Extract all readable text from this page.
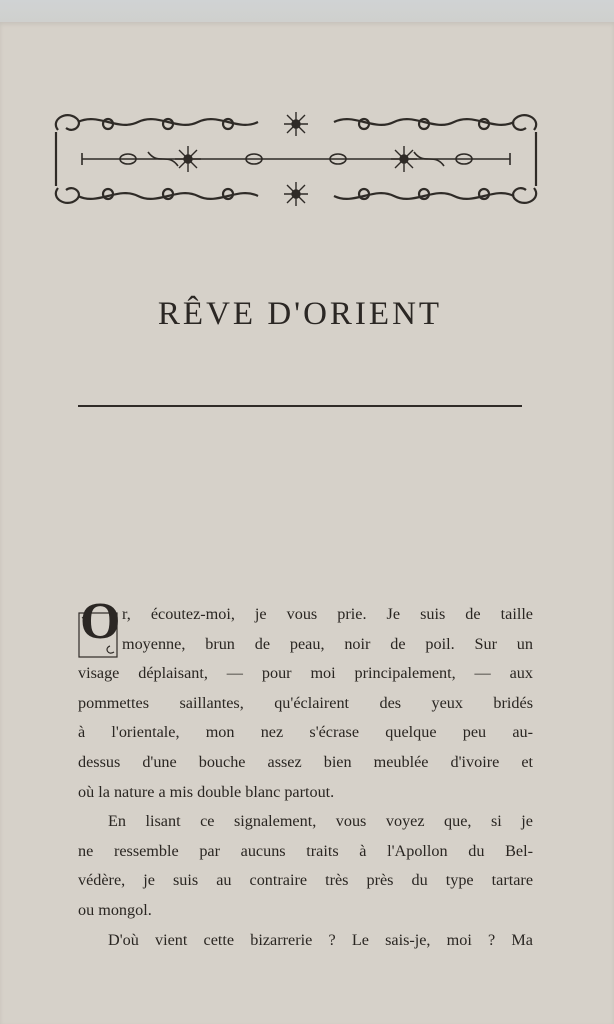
RÊVE D'ORIENT
O r, écoutez-moi, je vous prie. Je suis de taille
moyenne, brun de peau, noir de poil. Sur un
visage déplaisant, — pour moi principalement, — aux
pommettes saillantes, qu'éclairent des yeux bridés
à l'orientale, mon nez s'écrase quelque peu au-
dessus d'une bouche assez bien meublée d'ivoire et
où la nature a mis double blanc partout.
En lisant ce signalement, vous voyez que, si je
ne ressemble par aucuns traits à l'Apollon du Bel-
védère, je suis au contraire très près du type tartare
ou mongol.
D'où vient cette bizarrerie ? Le sais-je, moi ? Ma
